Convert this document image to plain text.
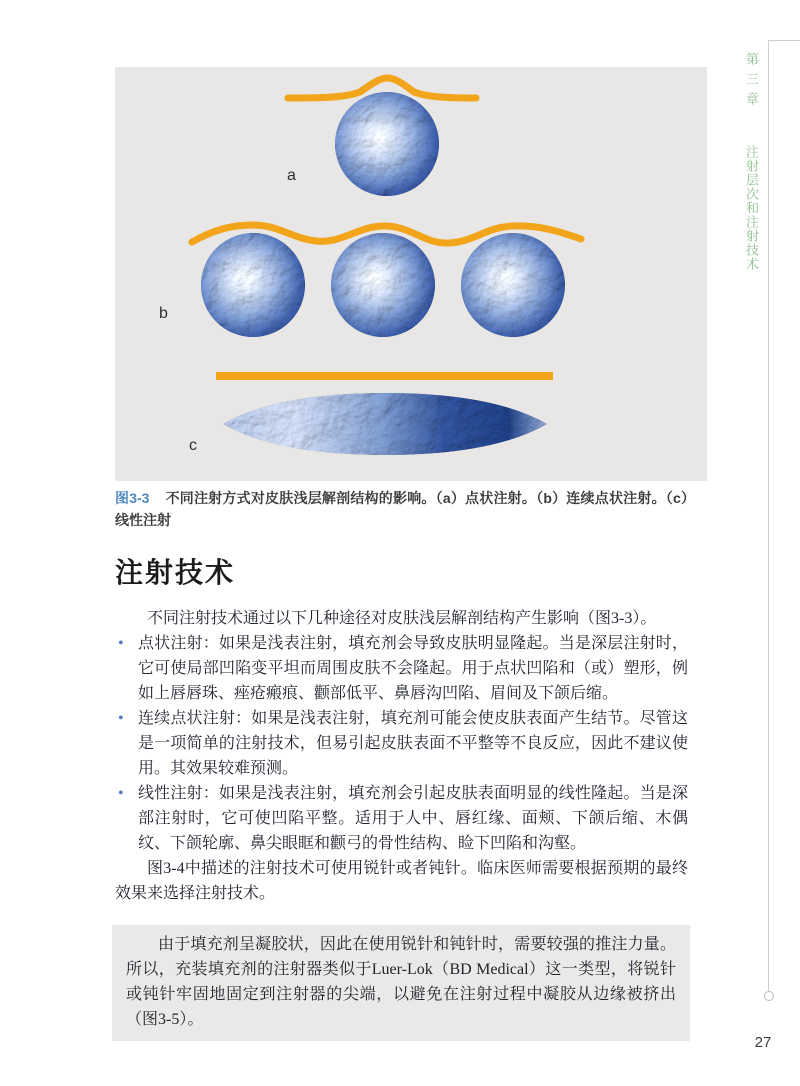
第三章 注射层次和注射技术
27
a
b
c

图3-3 不同注射方式对皮肤浅层解剖结构的影响。（a）点状注射。（b）连续点状注射。（c）线性注射

注射技术

不同注射技术通过以下几种途径对皮肤浅层解剖结构产生影响（图3-3）。

• 点状注射：如果是浅表注射，填充剂会导致皮肤明显隆起。当是深层注射时，它可使局部凹陷变平坦而周围皮肤不会隆起。用于点状凹陷和（或）塑形，例如上唇唇珠、痤疮瘢痕、颧部低平、鼻唇沟凹陷、眉间及下颌后缩。
• 连续点状注射：如果是浅表注射，填充剂可能会使皮肤表面产生结节。尽管这是一项简单的注射技术，但易引起皮肤表面不平整等不良反应，因此不建议使用。其效果较难预测。
• 线性注射：如果是浅表注射，填充剂会引起皮肤表面明显的线性隆起。当是深部注射时，它可使凹陷平整。适用于人中、唇红缘、面颊、下颌后缩、木偶纹、下颌轮廓、鼻尖眼眶和颧弓的骨性结构、睑下凹陷和沟壑。

图3-4中描述的注射技术可使用锐针或者钝针。临床医师需要根据预期的最终效果来选择注射技术。

由于填充剂呈凝胶状，因此在使用锐针和钝针时，需要较强的推注力量。所以，充装填充剂的注射器类似于Luer-Lok（BD Medical）这一类型，将锐针或钝针牢固地固定到注射器的尖端，以避免在注射过程中凝胶从边缘被挤出（图3-5）。
